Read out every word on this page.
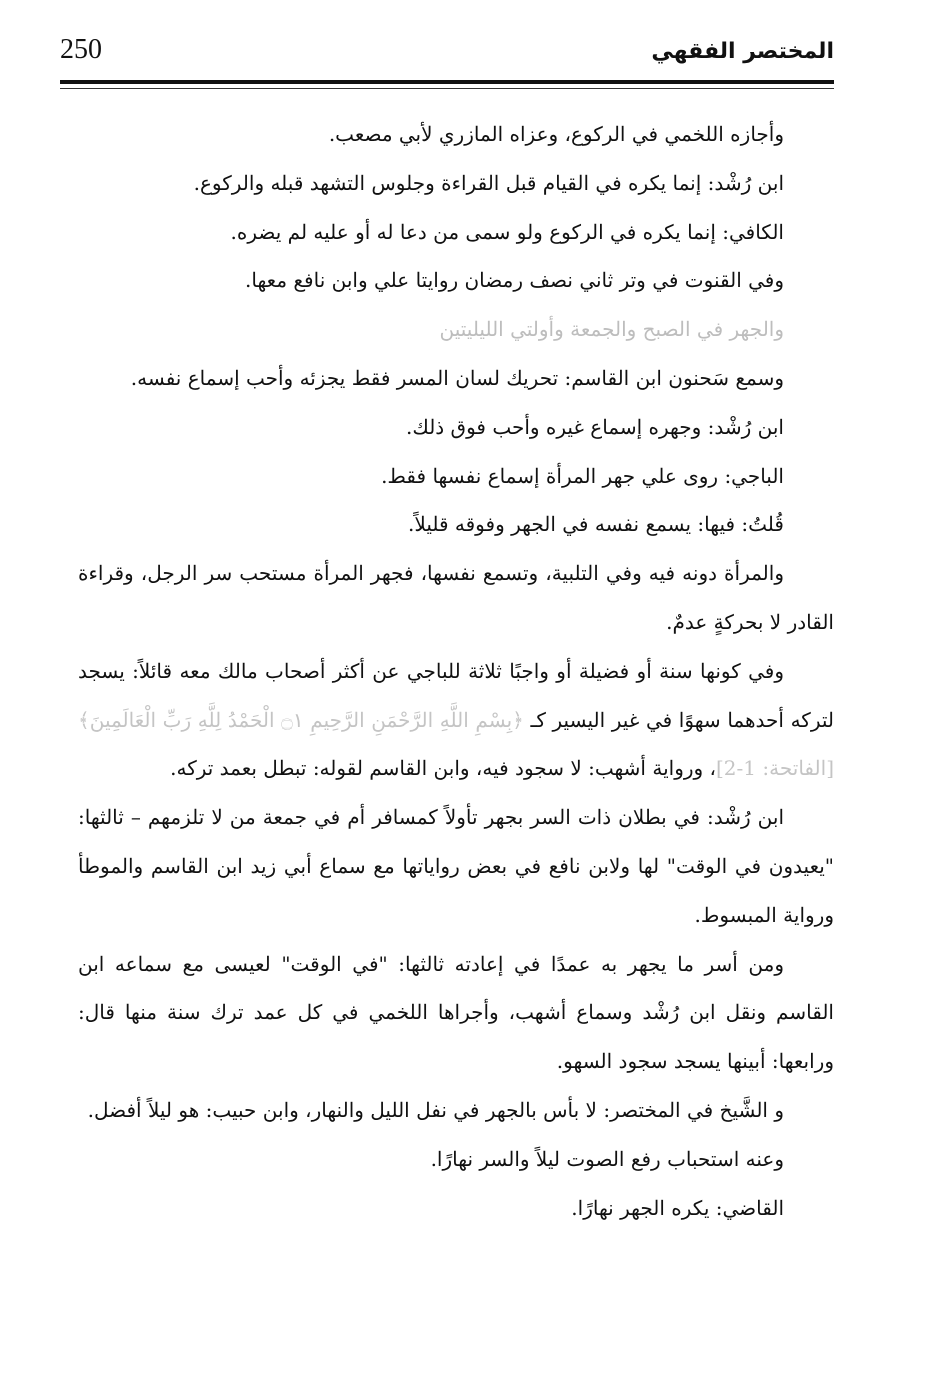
250	المختصر الفقهي

وأجازه اللخمي في الركوع، وعزاه المازري لأبي مصعب.

ابن رُشْد: إنما يكره في القيام قبل القراءة وجلوس التشهد قبله والركوع.

الكافي: إنما يكره في الركوع ولو سمى من دعا له أو عليه لم يضره.

وفي القنوت في وتر ثاني نصف رمضان روايتا علي وابن نافع معها.

والجهر في الصبح والجمعة وأولتي الليليتين

وسمع سَحنون ابن القاسم: تحريك لسان المسر فقط يجزئه وأحب إسماع نفسه.

ابن رُشْد: وجهره إسماع غيره وأحب فوق ذلك.

الباجي: روى علي جهر المرأة إسماع نفسها فقط.

قُلتُ: فيها: يسمع نفسه في الجهر وفوقه قليلاً.

والمرأة دونه فيه وفي التلبية، وتسمع نفسها، فجهر المرأة مستحب سر الرجل، وقراءة القادر لا بحركةٍ عدمٌ.

وفي كونها سنة أو فضيلة أو واجبًا ثلاثة للباجي عن أكثر أصحاب مالك معه قائلاً: يسجد لتركه أحدهما سهوًا في غير اليسير كـ ﴿بِسْمِ اللَّهِ الرَّحْمَنِ الرَّحِيمِ ۝١ الْحَمْدُ لِلَّهِ رَبِّ الْعَالَمِينَ﴾ [الفاتحة: 1-2]، ورواية أشهب: لا سجود فيه، وابن القاسم لقوله: تبطل بعمد تركه.

ابن رُشْد: في بطلان ذات السر بجهر تأولاً كمسافر أم في جمعة من لا تلزمهم – ثالثها: "يعيدون في الوقت" لها ولابن نافع في بعض رواياتها مع سماع أبي زيد ابن القاسم والموطأ ورواية المبسوط.

ومن أسر ما يجهر به عمدًا في إعادته ثالثها: "في الوقت" لعيسى مع سماعه ابن القاسم ونقل ابن رُشْد وسماع أشهب، وأجراها اللخمي في كل عمد ترك سنة منها قال: ورابعها: أبينها يسجد سجود السهو.

و الشَّيخ في المختصر: لا بأس بالجهر في نفل الليل والنهار، وابن حبيب: هو ليلاً أفضل.

وعنه استحباب رفع الصوت ليلاً والسر نهارًا.

القاضي: يكره الجهر نهارًا.
